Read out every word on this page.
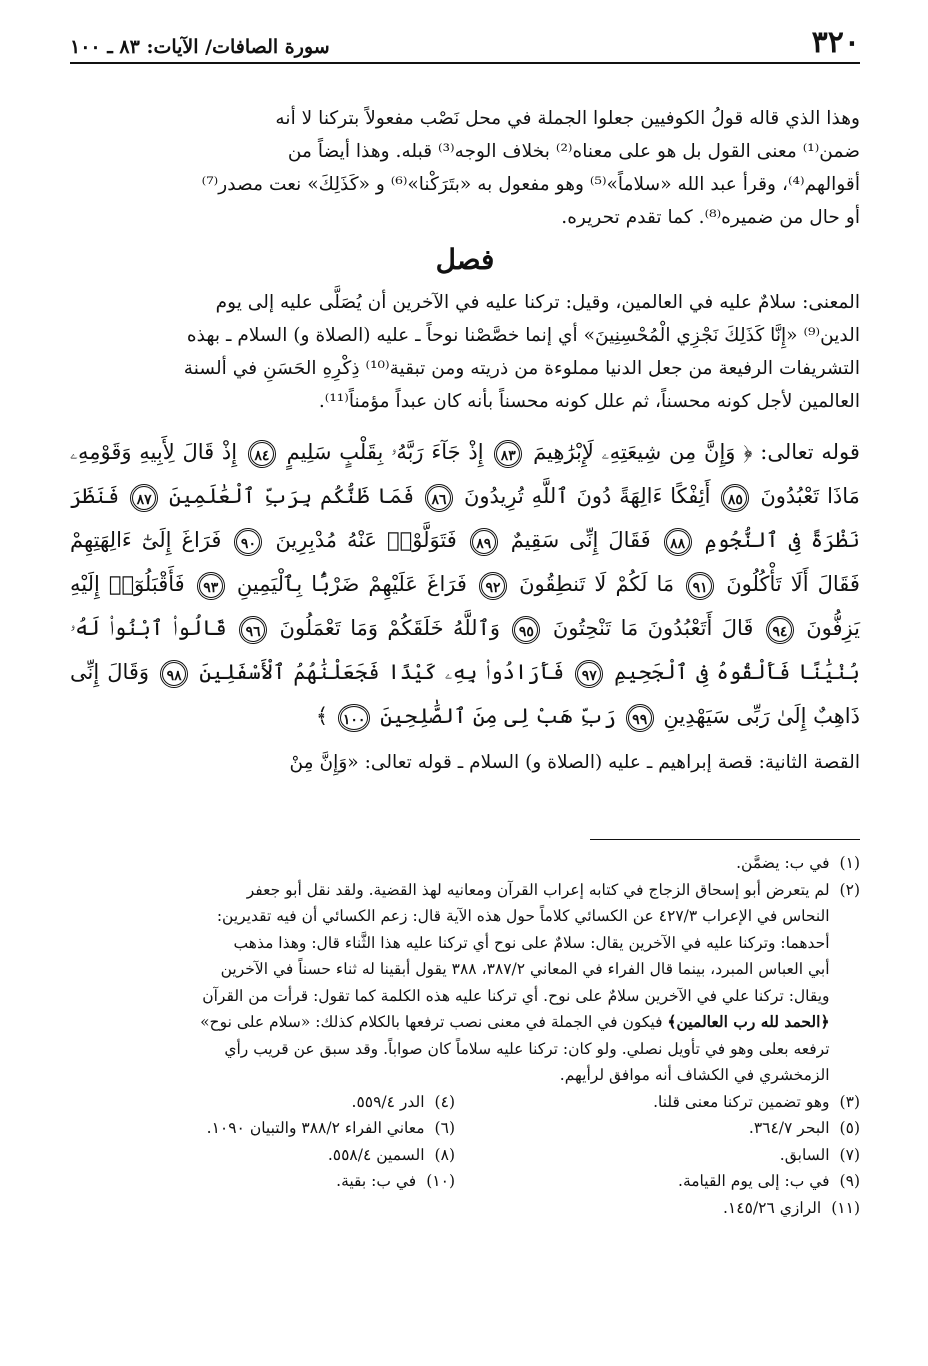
٣٢٠
سورة الصافات/ الآيات: ٨٣ ـ ١٠٠
وهذا الذي قاله قولُ الكوفيين جعلوا الجملة في محل نَصْب مفعولاً بتركنا لا أنه
ضمن⁽¹⁾ معنى القول بل هو على معناه⁽²⁾ بخلاف الوجه⁽³⁾ قبله. وهذا أيضاً من
أقوالهم⁽⁴⁾، وقرأ عبد الله «سلاماً»⁽⁵⁾ وهو مفعول به «بتَرَكْنا»⁽⁶⁾ و «كَذَلِكَ» نعت مصدر⁽⁷⁾
أو حال من ضميره⁽⁸⁾. كما تقدم تحريره.
فصل
المعنى: سلامٌ عليه في العالمين، وقيل: تركنا عليه في الآخرين أن يُصَلَّى عليه إلى يوم
الدين⁽⁹⁾ «إِنَّا كَذَلِكَ نَجْزِي الْمُحْسِنِينَ» أي إنما خصَّصْنا نوحاً ـ عليه (الصلاة و) السلام ـ بهذه
التشريفات الرفيعة من جعل الدنيا مملوءة من ذريته ومن تبقية⁽¹⁰⁾ ذِكْرِهِ الحَسَنِ في ألسنة
العالمين لأجل كونه محسناً، ثم علل كونه محسناً بأنه كان عبداً مؤمناً⁽¹¹⁾.
قوله تعالى: ﴿ وَإِنَّ مِن شِيعَتِهِۦ لَإِبْرَٰهِيمَ ٨٣ إِذْ جَآءَ رَبَّهُۥ بِقَلْبٍ سَلِيمٍ ٨٤ إِذْ قَالَ لِأَبِيهِ وَقَوْمِهِۦ مَاذَا تَعْبُدُونَ ٨٥ أَئِفْكًا ءَالِهَةً دُونَ ٱللَّهِ تُرِيدُونَ ٨٦ فَمَا ظَنُّكُم بِرَبِّ ٱلْعَٰلَمِينَ ٨٧ فَنَظَرَ نَظْرَةً فِى ٱلنُّجُومِ ٨٨ فَقَالَ إِنِّى سَقِيمٌ ٨٩ فَتَوَلَّوْا۟ عَنْهُ مُدْبِرِينَ ٩٠ فَرَاغَ إِلَىٰٓ ءَالِهَتِهِمْ فَقَالَ أَلَا تَأْكُلُونَ ٩١ مَا لَكُمْ لَا تَنطِقُونَ ٩٢ فَرَاغَ عَلَيْهِمْ ضَرْبًۢا بِٱلْيَمِينِ ٩٣ فَأَقْبَلُوٓا۟ إِلَيْهِ يَزِفُّونَ ٩٤ قَالَ أَتَعْبُدُونَ مَا تَنْحِتُونَ ٩٥ وَٱللَّهُ خَلَقَكُمْ وَمَا تَعْمَلُونَ ٩٦ قَالُوا۟ ٱبْنُوا۟ لَهُۥ بُنْيَٰنًا فَأَلْقُوهُ فِى ٱلْجَحِيمِ ٩٧ فَأَرَادُوا۟ بِهِۦ كَيْدًا فَجَعَلْنَٰهُمُ ٱلْأَسْفَلِينَ ٩٨ وَقَالَ إِنِّى ذَاهِبٌ إِلَىٰ رَبِّى سَيَهْدِينِ ٩٩ رَبِّ هَبْ لِى مِنَ ٱلصَّٰلِحِينَ ١٠٠ ﴾
القصة الثانية: قصة إبراهيم ـ عليه (الصلاة و) السلام ـ قوله تعالى: «وَإِنَّ مِنْ
(١)
في ب: يضمَّن.
(٢)
لم يتعرض أبو إسحاق الزجاج في كتابه إعراب القرآن ومعانيه لهذ القضية. ولقد نقل أبو جعفر
النحاس في الإعراب ٤٢٧/٣ عن الكسائي كلاماً حول هذه الآية قال: زعم الكسائي أن فيه تقديرين:
أحدهما: وتركنا عليه في الآخرين يقال: سلامٌ على نوح أي تركنا عليه هذا الثَّناء قال: وهذا مذهب
أبي العباس المبرد، بينما قال الفراء في المعاني ٣٨٧/٢، ٣٨٨ يقول أبقينا له ثناء حسناً في الآخرين
ويقال: تركنا علي في الآخرين سلامٌ على نوح. أي تركنا عليه هذه الكلمة كما تقول: قرأت من القرآن
﴿الحمد لله رب العالمين﴾ فيكون في الجملة في معنى نصب ترفعها بالكلام كذلك: «سلام على نوح»
ترفعه بعلى وهو في تأويل نصلي. ولو كان: تركنا عليه سلاماً كان صواباً. وقد سبق عن قريب رأي
الزمخشري في الكشاف أنه موافق لرأيهم.
(٣)
وهو تضمين تركنا معنى قلنا.
(٤)
الدر ٥٥٩/٤.
(٥)
البحر ٣٦٤/٧.
(٦)
معاني الفراء ٣٨٨/٢ والتبيان ١٠٩٠.
(٧)
السابق.
(٨)
السمين ٥٥٨/٤.
(٩)
في ب: إلى يوم القيامة.
(١٠)
في ب: بقية.
(١١)
الرازي ١٤٥/٢٦.
